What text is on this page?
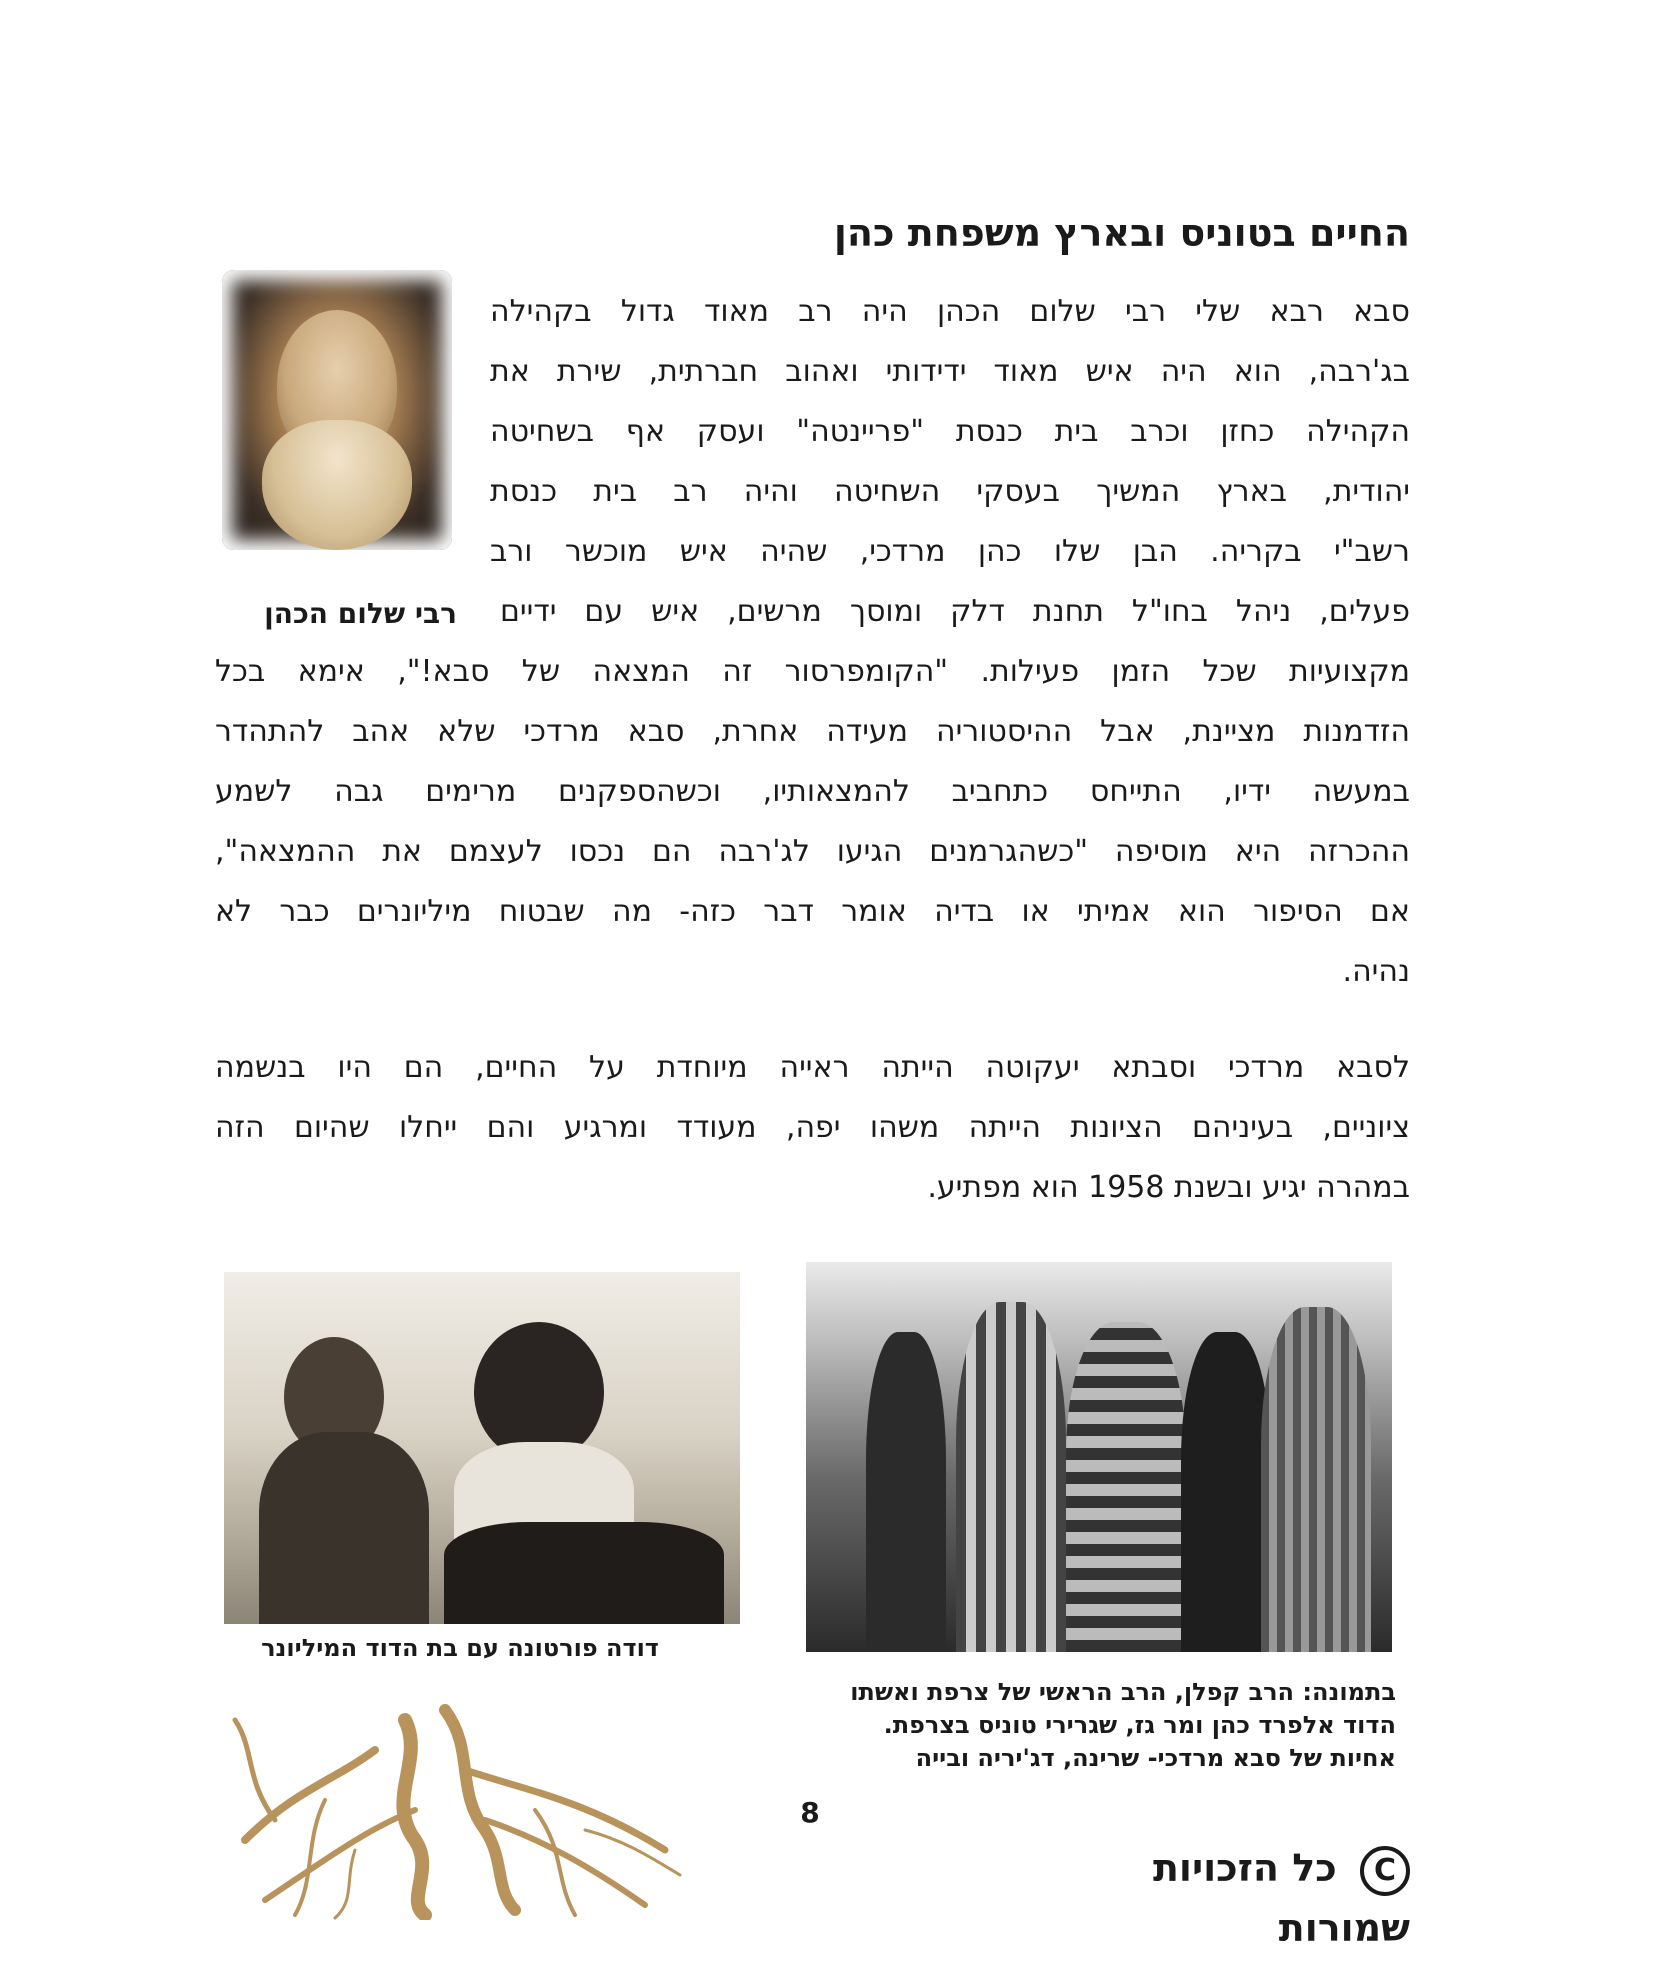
החיים בטוניס ובארץ משפחת כהן

סבא רבא שלי רבי שלום הכהן היה רב מאוד גדול בקהילה
בג'רבה, הוא היה איש מאוד ידידותי ואהוב חברתית, שירת את
הקהילה כחזן וכרב בית כנסת "פריינטה" ועסק אף בשחיטה
יהודית, בארץ המשיך בעסקי השחיטה והיה רב בית כנסת
רשב"י בקריה. הבן שלו כהן מרדכי, שהיה איש מוכשר ורב

רבי שלום הכהן פעלים, ניהל בחו"ל תחנת דלק ומוסך מרשים, איש עם ידיים
מקצועיות שכל הזמן פעילות. "הקומפרסור זה המצאה של סבא!", אימא בכל
הזדמנות מציינת, אבל ההיסטוריה מעידה אחרת, סבא מרדכי שלא אהב להתהדר
במעשה ידיו, התייחס כתחביב להמצאותיו, וכשהספקנים מרימים גבה לשמע
ההכרזה היא מוסיפה "כשהגרמנים הגיעו לג'רבה הם נכסו לעצמם את ההמצאה",
אם הסיפור הוא אמיתי או בדיה אומר דבר כזה- מה שבטוח מיליונרים כבר לא
נהיה.

לסבא מרדכי וסבתא יעקוטה הייתה ראייה מיוחדת על החיים, הם היו בנשמה
ציוניים, בעיניהם הציונות הייתה משהו יפה, מעודד ומרגיע והם ייחלו שהיום הזה
במהרה יגיע ובשנת 1958 הוא מפתיע.

דודה פורטונה עם בת הדוד המיליונר
בתמונה: הרב קפלן, הרב הראשי של צרפת ואשתו
הדוד אלפרד כהן ומר גז, שגרירי טוניס בצרפת.
אחיות של סבא מרדכי- שרינה, דג'יריה ובייה
8
C כל הזכויות שמורות
